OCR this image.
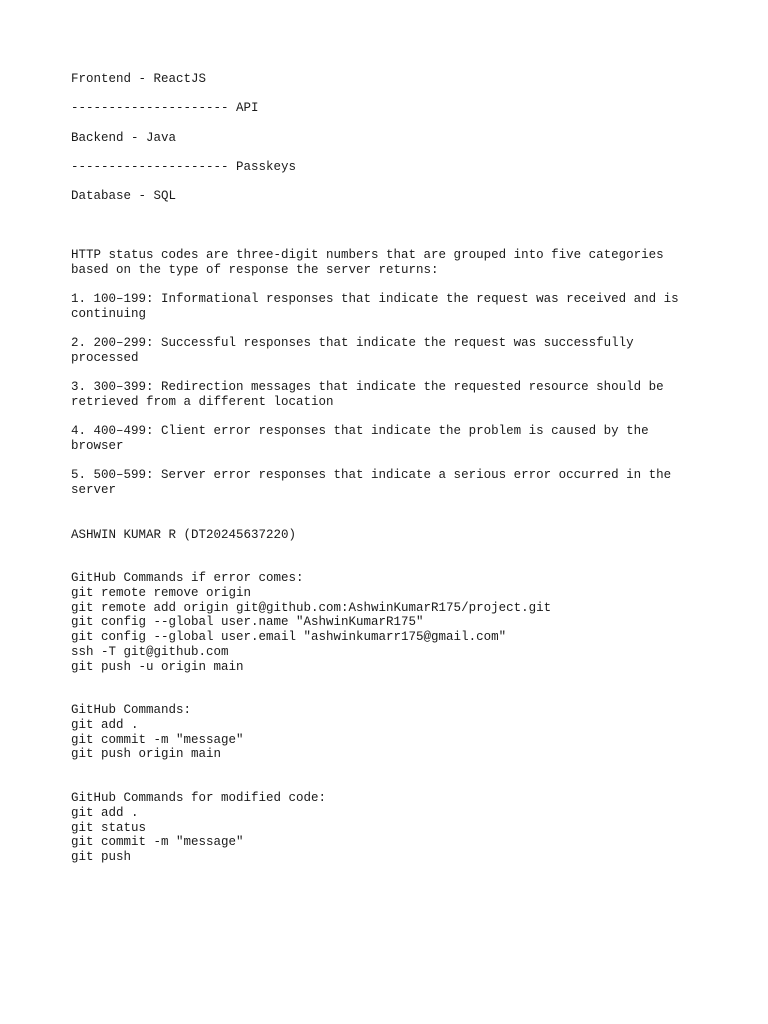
Frontend - ReactJS
--------------------- API
Backend - Java
--------------------- Passkeys
Database - SQL
HTTP status codes are three-digit numbers that are grouped into five categories based on the type of response the server returns:
1. 100–199: Informational responses that indicate the request was received and is continuing
2. 200–299: Successful responses that indicate the request was successfully processed
3. 300–399: Redirection messages that indicate the requested resource should be retrieved from a different location
4. 400–499: Client error responses that indicate the problem is caused by the browser
5. 500–599: Server error responses that indicate a serious error occurred in the server
ASHWIN KUMAR R (DT20245637220)
GitHub Commands if error comes:
git remote remove origin
git remote add origin git@github.com:AshwinKumarR175/project.git
git config --global user.name "AshwinKumarR175"
git config --global user.email "ashwinkumarr175@gmail.com"
ssh -T git@github.com
git push -u origin main
GitHub Commands:
git add .
git commit -m "message"
git push origin main
GitHub Commands for modified code:
git add .
git status
git commit -m "message"
git push
